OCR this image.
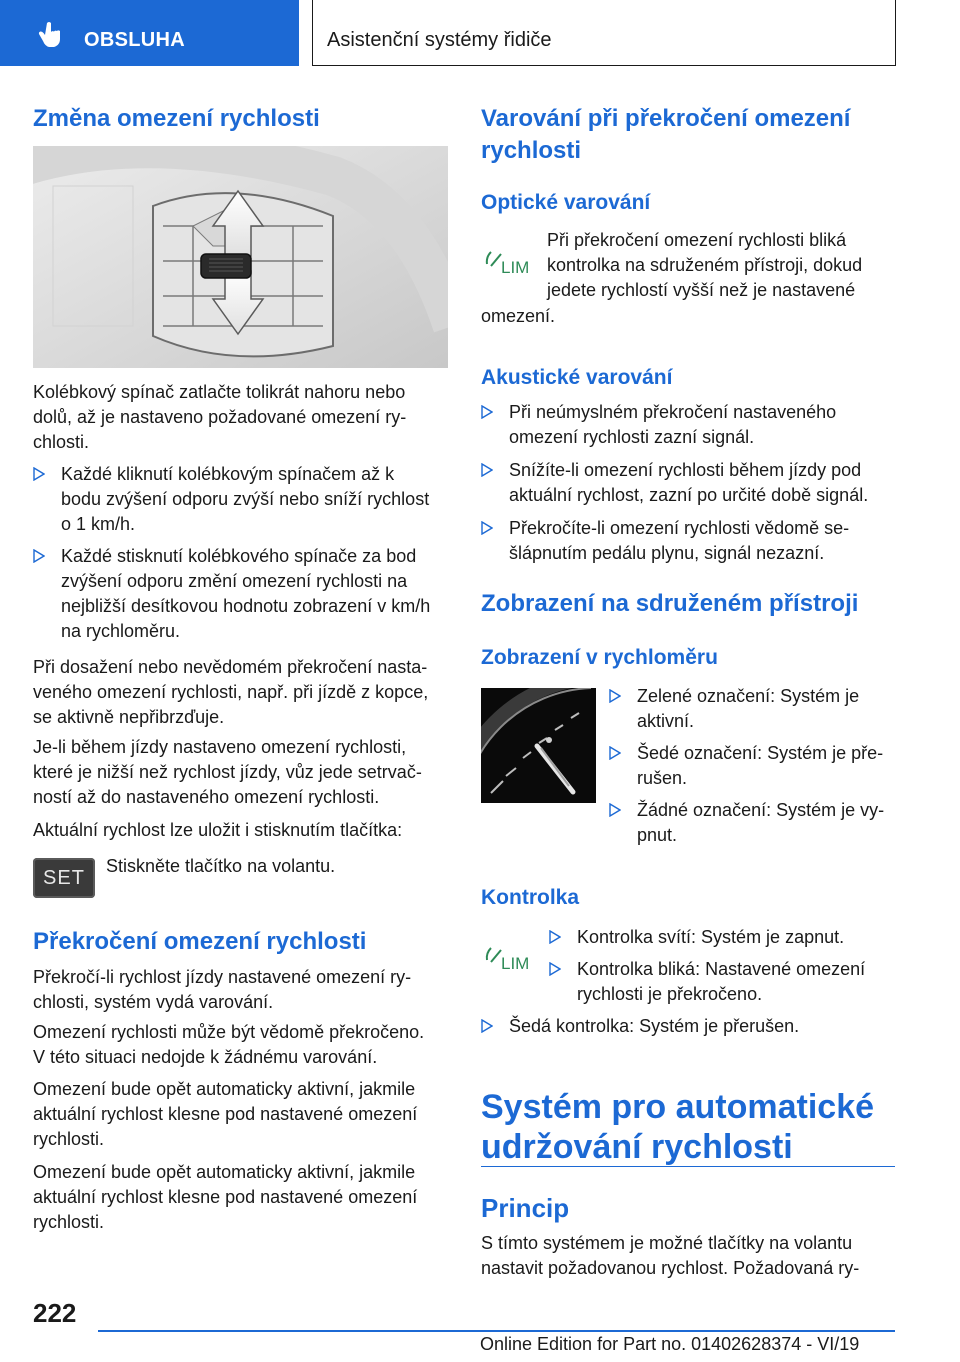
OBSLUHA	Asistenční systémy řidiče
Změna omezení rychlosti
Kolébkový spínač zatlačte tolikrát nahoru nebo
dolů, až je nastaveno požadované omezení ry-
chlosti.
Každé kliknutí kolébkovým spínačem až k
bodu zvýšení odporu zvýší nebo sníží rychlost
o 1 km/h.
Každé stisknutí kolébkového spínače za bod
zvýšení odporu změní omezení rychlosti na
nejbližší desítkovou hodnotu zobrazení v km/h
na rychloměru.
Při dosažení nebo nevědomém překročení nasta-
veného omezení rychlosti, např. při jízdě z kopce,
se aktivně nepřibrzďuje.
Je-li během jízdy nastaveno omezení rychlosti,
které je nižší než rychlost jízdy, vůz jede setrvač-
ností až do nastaveného omezení rychlosti.
Aktuální rychlost lze uložit i stisknutím tlačítka:
SET
Stiskněte tlačítko na volantu.
Překročení omezení rychlosti
Překročí-li rychlost jízdy nastavené omezení ry-
chlosti, systém vydá varování.
Omezení rychlosti může být vědomě překročeno.
V této situaci nedojde k žádnému varování.
Omezení bude opět automaticky aktivní, jakmile
aktuální rychlost klesne pod nastavené omezení
rychlosti.
Omezení bude opět automaticky aktivní, jakmile
aktuální rychlost klesne pod nastavené omezení
rychlosti.
Varování při překročení omezení
rychlosti
Optické varování
LIM
Při překročení omezení rychlosti bliká
kontrolka na sdruženém přístroji, dokud
jedete rychlostí vyšší než je nastavené
omezení.
Akustické varování
Při neúmyslném překročení nastaveného
omezení rychlosti zazní signál.
Snížíte-li omezení rychlosti během jízdy pod
aktuální rychlost, zazní po určité době signál.
Překročíte-li omezení rychlosti vědomě se-
šlápnutím pedálu plynu, signál nezazní.
Zobrazení na sdruženém přístroji
Zobrazení v rychloměru
Zelené označení: Systém je
aktivní.
Šedé označení: Systém je pře-
rušen.
Žádné označení: Systém je vy-
pnut.
Kontrolka
LIM
Kontrolka svítí: Systém je zapnut.
Kontrolka bliká: Nastavené omezení
rychlosti je překročeno.
Šedá kontrolka: Systém je přerušen.
Systém pro automatické
udržování rychlosti
Princip
S tímto systémem je možné tlačítky na volantu
nastavit požadovanou rychlost. Požadovaná ry-
222
Online Edition for Part no. 01402628374 - VI/19
